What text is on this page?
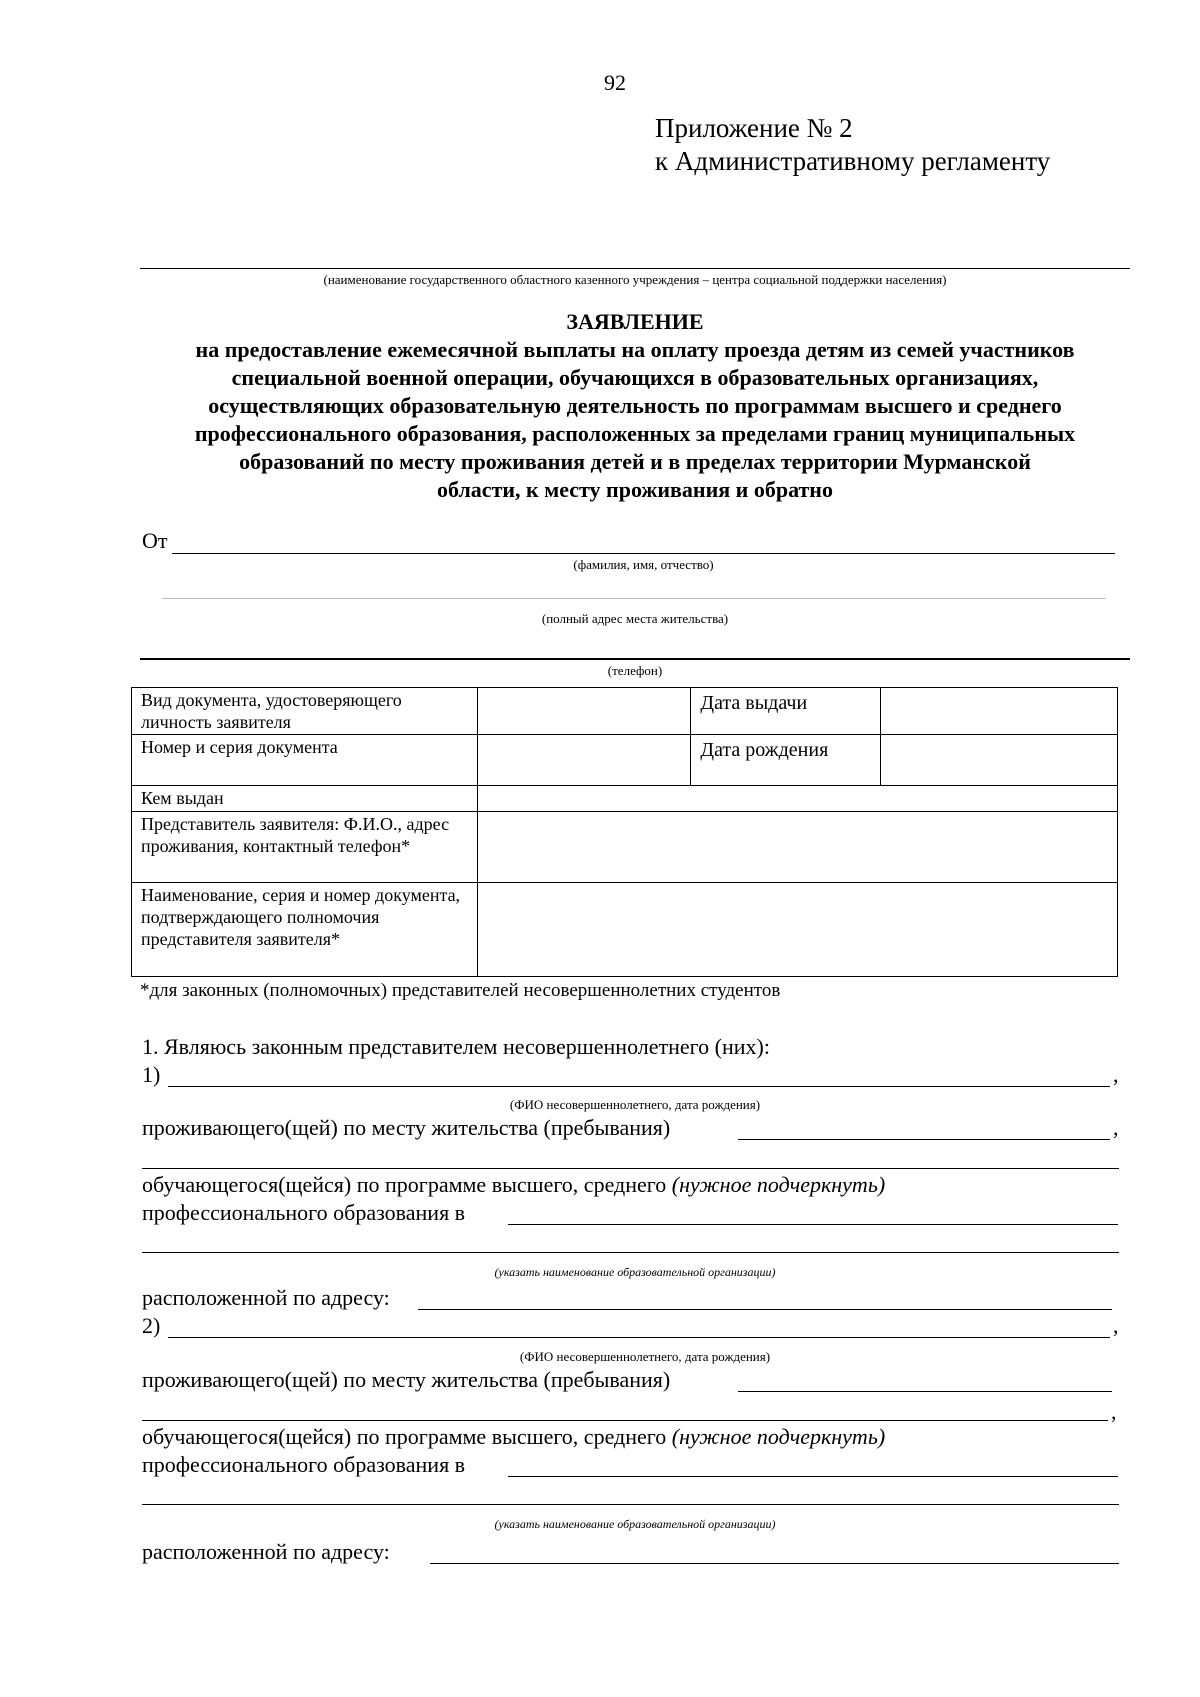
92
Приложение № 2
к Административному регламенту
(наименование государственного областного казенного учреждения – центра социальной поддержки населения)
ЗАЯВЛЕНИЕ
на предоставление ежемесячной выплаты на оплату проезда детям из семей участников
специальной военной операции, обучающихся в образовательных организациях,
осуществляющих образовательную деятельность по программам высшего и среднего
профессионального образования, расположенных за пределами границ муниципальных
образований по месту проживания детей и в пределах территории Мурманской
области, к месту проживания и обратно
От
(фамилия, имя, отчество)
(полный адрес места жительства)
(телефон)
Вид документа, удостоверяющего личность заявителя		Дата выдачи	
Номер и серия документа		Дата рождения	
Кем выдан			
Представитель заявителя: Ф.И.О., адрес проживания, контактный телефон*			
Наименование, серия и номер документа, подтверждающего полномочия представителя заявителя*			
*для законных (полномочных) представителей несовершеннолетних студентов
1. Являюсь законным представителем несовершеннолетнего (них):
1)	,
(ФИО несовершеннолетнего, дата рождения)
проживающего(щей) по месту жительства (пребывания)	,
обучающегося(щейся) по программе высшего, среднего (нужное подчеркнуть)
профессионального образования в
(указать наименование образовательной организации)
расположенной по адресу:
2)	,
(ФИО несовершеннолетнего, дата рождения)
проживающего(щей) по месту жительства (пребывания)
,
обучающегося(щейся) по программе высшего, среднего (нужное подчеркнуть)
профессионального образования в
(указать наименование образовательной организации)
расположенной по адресу:
